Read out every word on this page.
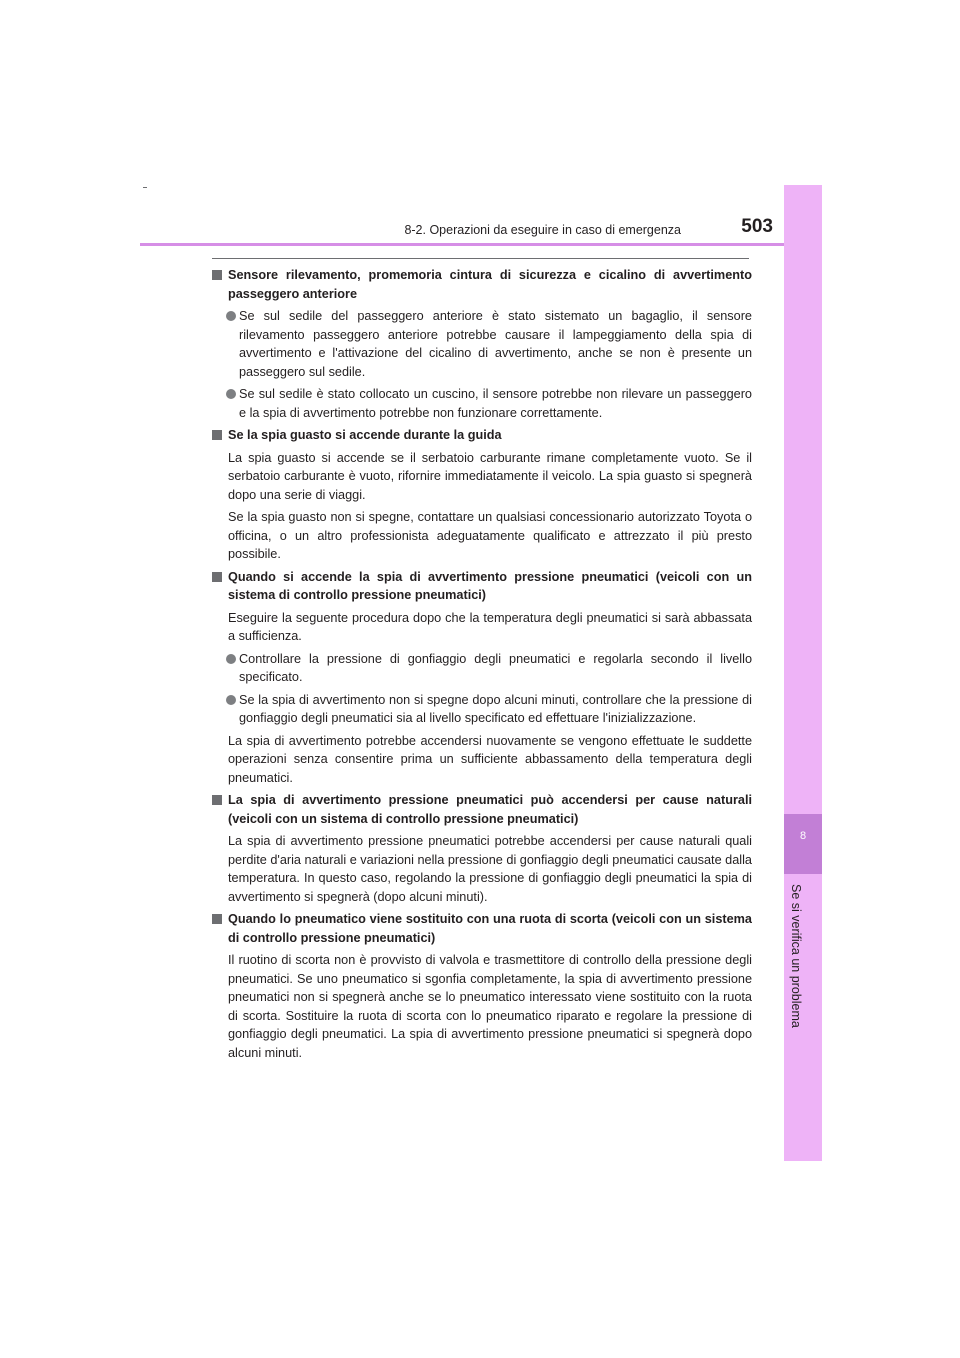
8-2. Operazioni da eseguire in caso di emergenza	503
8
Se si verifica un problema
Sensore rilevamento, promemoria cintura di sicurezza e cicalino di avvertimento passeggero anteriore
Se sul sedile del passeggero anteriore è stato sistemato un bagaglio, il sensore rilevamento passeggero anteriore potrebbe causare il lampeggiamento della spia di avvertimento e l'attivazione del cicalino di avvertimento, anche se non è presente un passeggero sul sedile.
Se sul sedile è stato collocato un cuscino, il sensore potrebbe non rilevare un passeggero e la spia di avvertimento potrebbe non funzionare correttamente.
Se la spia guasto si accende durante la guida
La spia guasto si accende se il serbatoio carburante rimane completamente vuoto. Se il serbatoio carburante è vuoto, rifornire immediatamente il veicolo. La spia guasto si spegnerà dopo una serie di viaggi.
Se la spia guasto non si spegne, contattare un qualsiasi concessionario autorizzato Toyota o officina, o un altro professionista adeguatamente qualificato e attrezzato il più presto possibile.
Quando si accende la spia di avvertimento pressione pneumatici (veicoli con un sistema di controllo pressione pneumatici)
Eseguire la seguente procedura dopo che la temperatura degli pneumatici si sarà abbassata a sufficienza.
Controllare la pressione di gonfiaggio degli pneumatici e regolarla secondo il livello specificato.
Se la spia di avvertimento non si spegne dopo alcuni minuti, controllare che la pressione di gonfiaggio degli pneumatici sia al livello specificato ed effettuare l'inizializzazione.
La spia di avvertimento potrebbe accendersi nuovamente se vengono effettuate le suddette operazioni senza consentire prima un sufficiente abbassamento della temperatura degli pneumatici.
La spia di avvertimento pressione pneumatici può accendersi per cause naturali (veicoli con un sistema di controllo pressione pneumatici)
La spia di avvertimento pressione pneumatici potrebbe accendersi per cause naturali quali perdite d'aria naturali e variazioni nella pressione di gonfiaggio degli pneumatici causate dalla temperatura. In questo caso, regolando la pressione di gonfiaggio degli pneumatici la spia di avvertimento si spegnerà (dopo alcuni minuti).
Quando lo pneumatico viene sostituito con una ruota di scorta (veicoli con un sistema di controllo pressione pneumatici)
Il ruotino di scorta non è provvisto di valvola e trasmettitore di controllo della pressione degli pneumatici. Se uno pneumatico si sgonfia completamente, la spia di avvertimento pressione pneumatici non si spegnerà anche se lo pneumatico interessato viene sostituito con la ruota di scorta. Sostituire la ruota di scorta con lo pneumatico riparato e regolare la pressione di gonfiaggio degli pneumatici. La spia di avvertimento pressione pneumatici si spegnerà dopo alcuni minuti.
